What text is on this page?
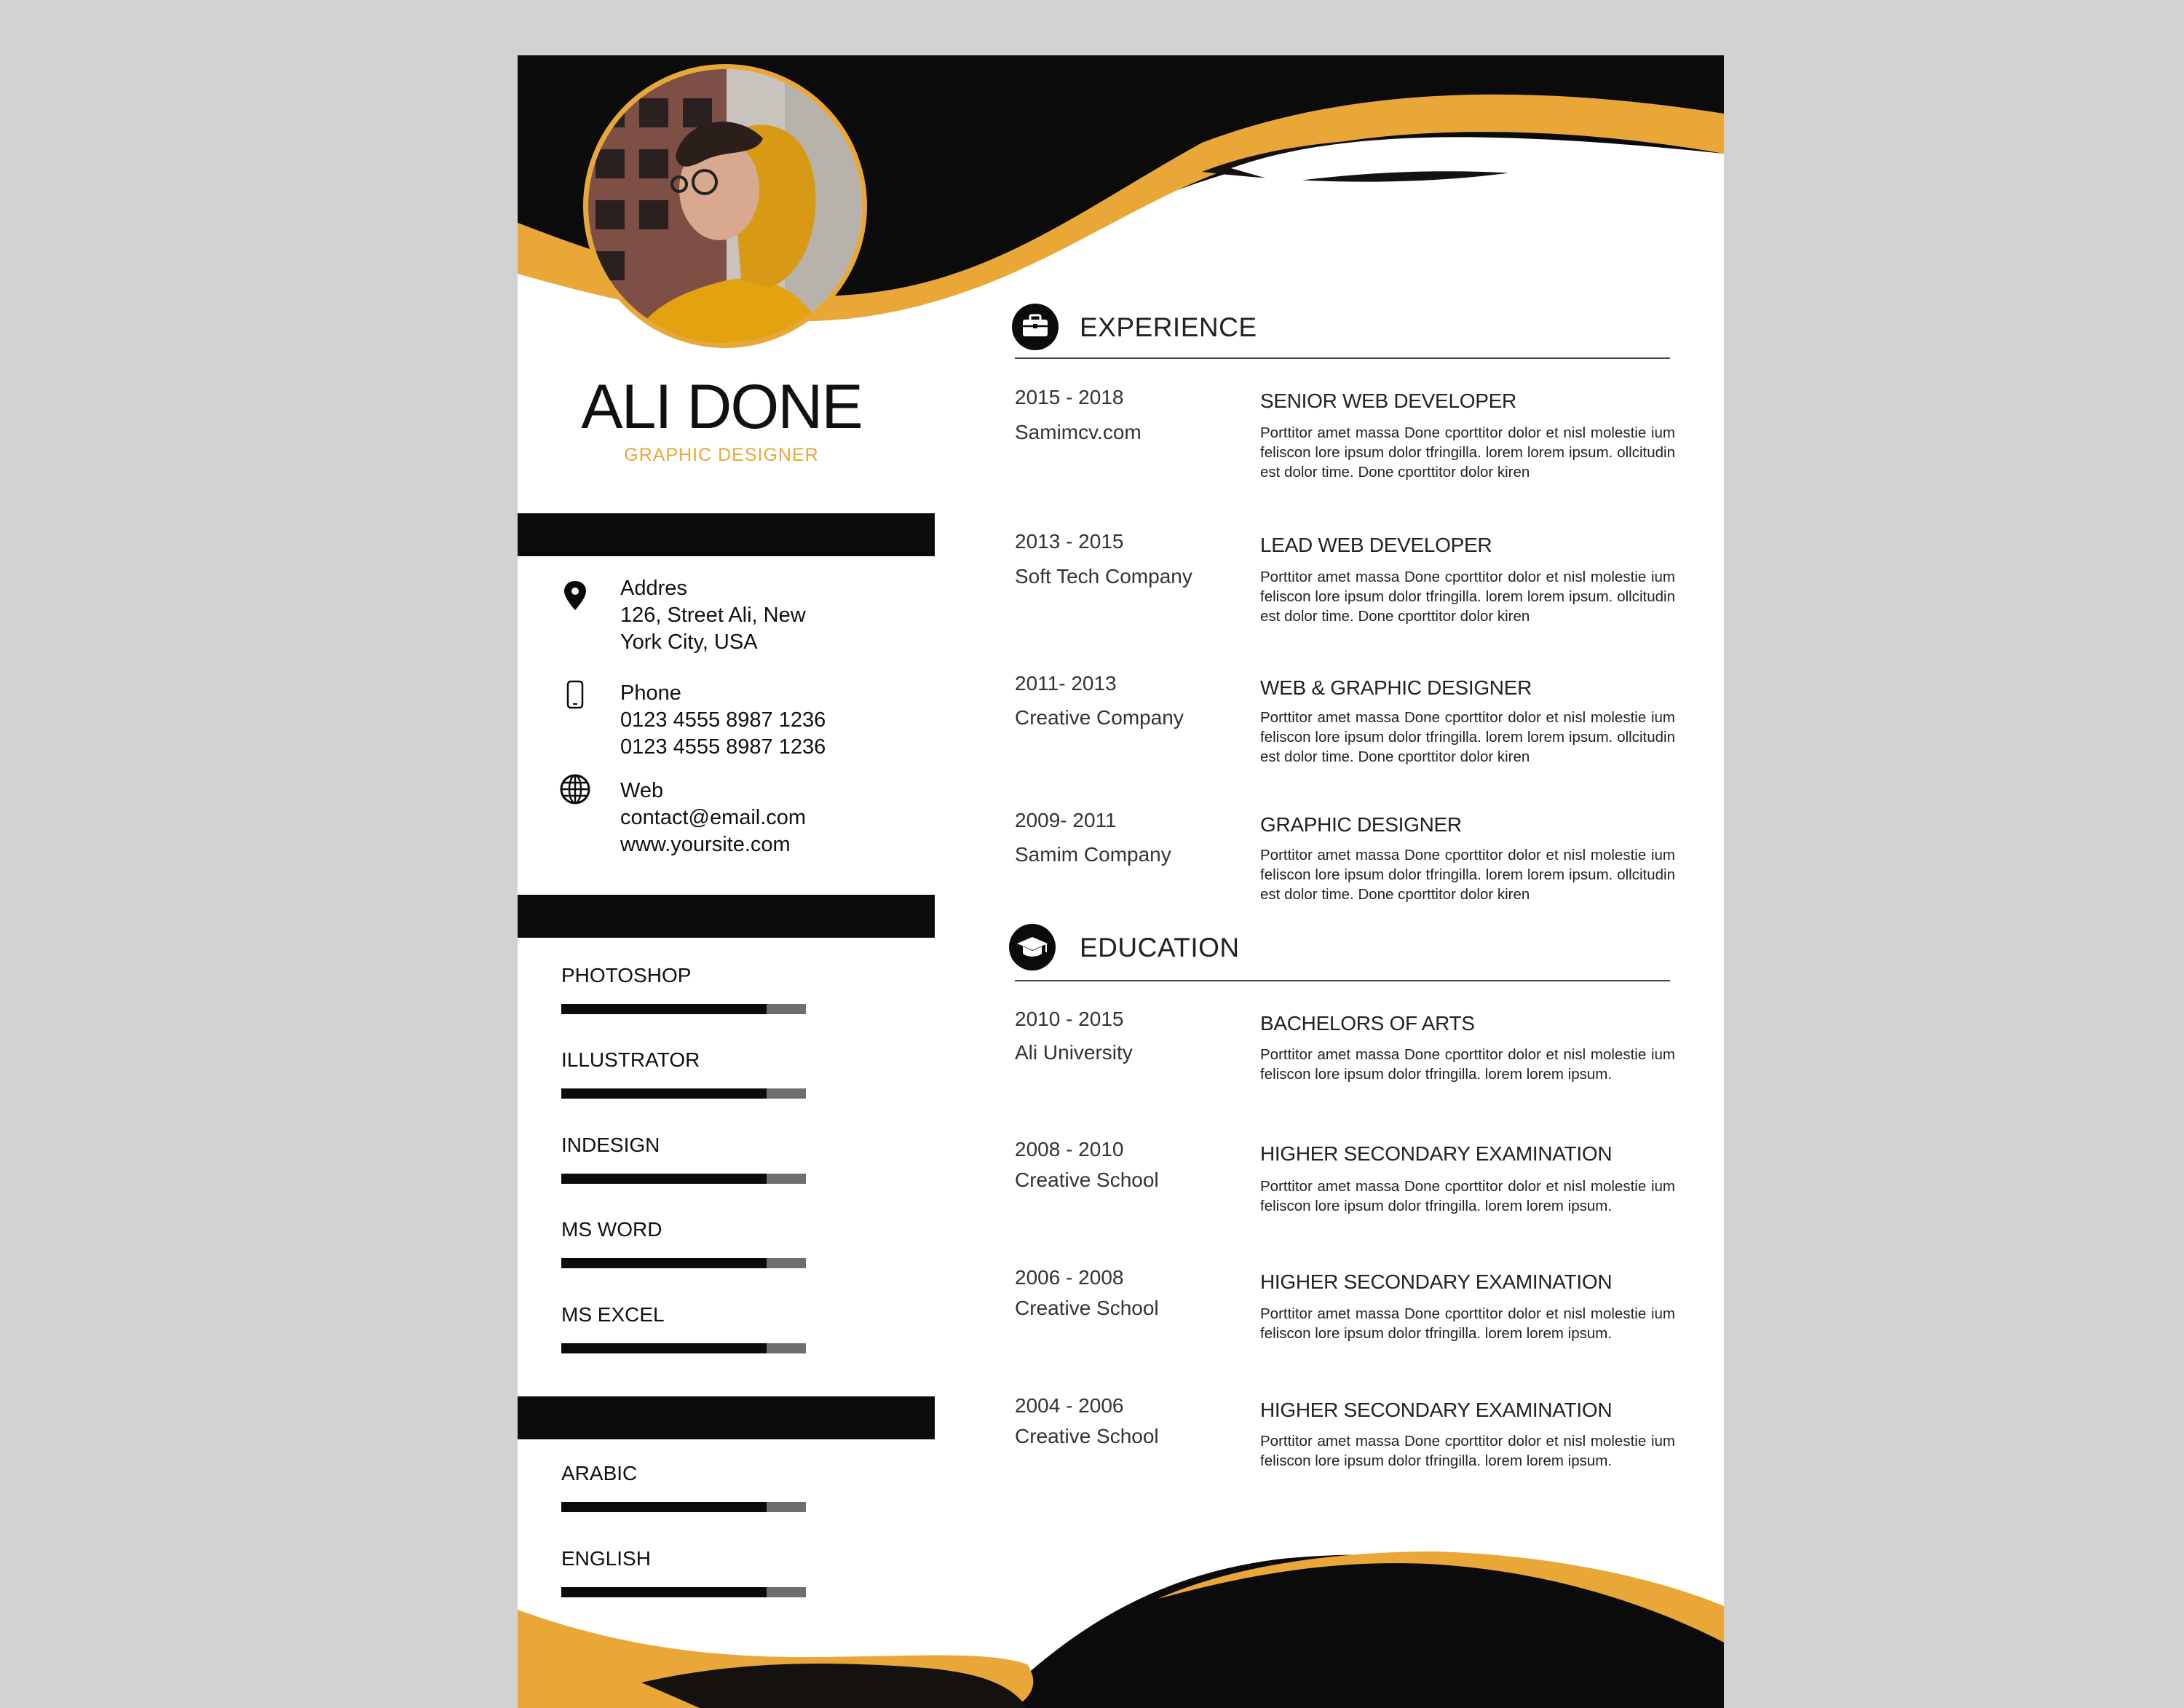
ALI DONE
GRAPHIC DESIGNER
Addres
126, Street Ali, New
York City, USA
Phone
0123 4555 8987 1236
0123 4555 8987 1236
Web
contact@email.com
www.yoursite.com
PHOTOSHOP
ILLUSTRATOR
INDESIGN
MS WORD
MS EXCEL
ARABIC
ENGLISH
EXPERIENCE
2015 - 2018
Samimcv.com
SENIOR WEB DEVELOPER
Porttitor amet massa Done cporttitor dolor et nisl molestie ium feliscon lore ipsum dolor tfringilla. lorem lorem ipsum. ollcitudin est dolor time. Done cporttitor dolor kiren
2013 - 2015
Soft Tech Company
LEAD WEB DEVELOPER
Porttitor amet massa Done cporttitor dolor et nisl molestie ium feliscon lore ipsum dolor tfringilla. lorem lorem ipsum. ollcitudin est dolor time. Done cporttitor dolor kiren
2011- 2013
Creative Company
WEB & GRAPHIC DESIGNER
Porttitor amet massa Done cporttitor dolor et nisl molestie ium feliscon lore ipsum dolor tfringilla. lorem lorem ipsum. ollcitudin est dolor time. Done cporttitor dolor kiren
2009- 2011
Samim Company
GRAPHIC DESIGNER
Porttitor amet massa Done cporttitor dolor et nisl molestie ium feliscon lore ipsum dolor tfringilla. lorem lorem ipsum. ollcitudin est dolor time. Done cporttitor dolor kiren
EDUCATION
2010 - 2015
Ali University
BACHELORS OF ARTS
Porttitor amet massa Done cporttitor dolor et nisl molestie ium feliscon lore ipsum dolor tfringilla. lorem lorem ipsum.
2008 - 2010
Creative School
HIGHER SECONDARY EXAMINATION
Porttitor amet massa Done cporttitor dolor et nisl molestie ium feliscon lore ipsum dolor tfringilla. lorem lorem ipsum.
2006 - 2008
Creative School
HIGHER SECONDARY EXAMINATION
Porttitor amet massa Done cporttitor dolor et nisl molestie ium feliscon lore ipsum dolor tfringilla. lorem lorem ipsum.
2004 - 2006
Creative School
HIGHER SECONDARY EXAMINATION
Porttitor amet massa Done cporttitor dolor et nisl molestie ium feliscon lore ipsum dolor tfringilla. lorem lorem ipsum.
